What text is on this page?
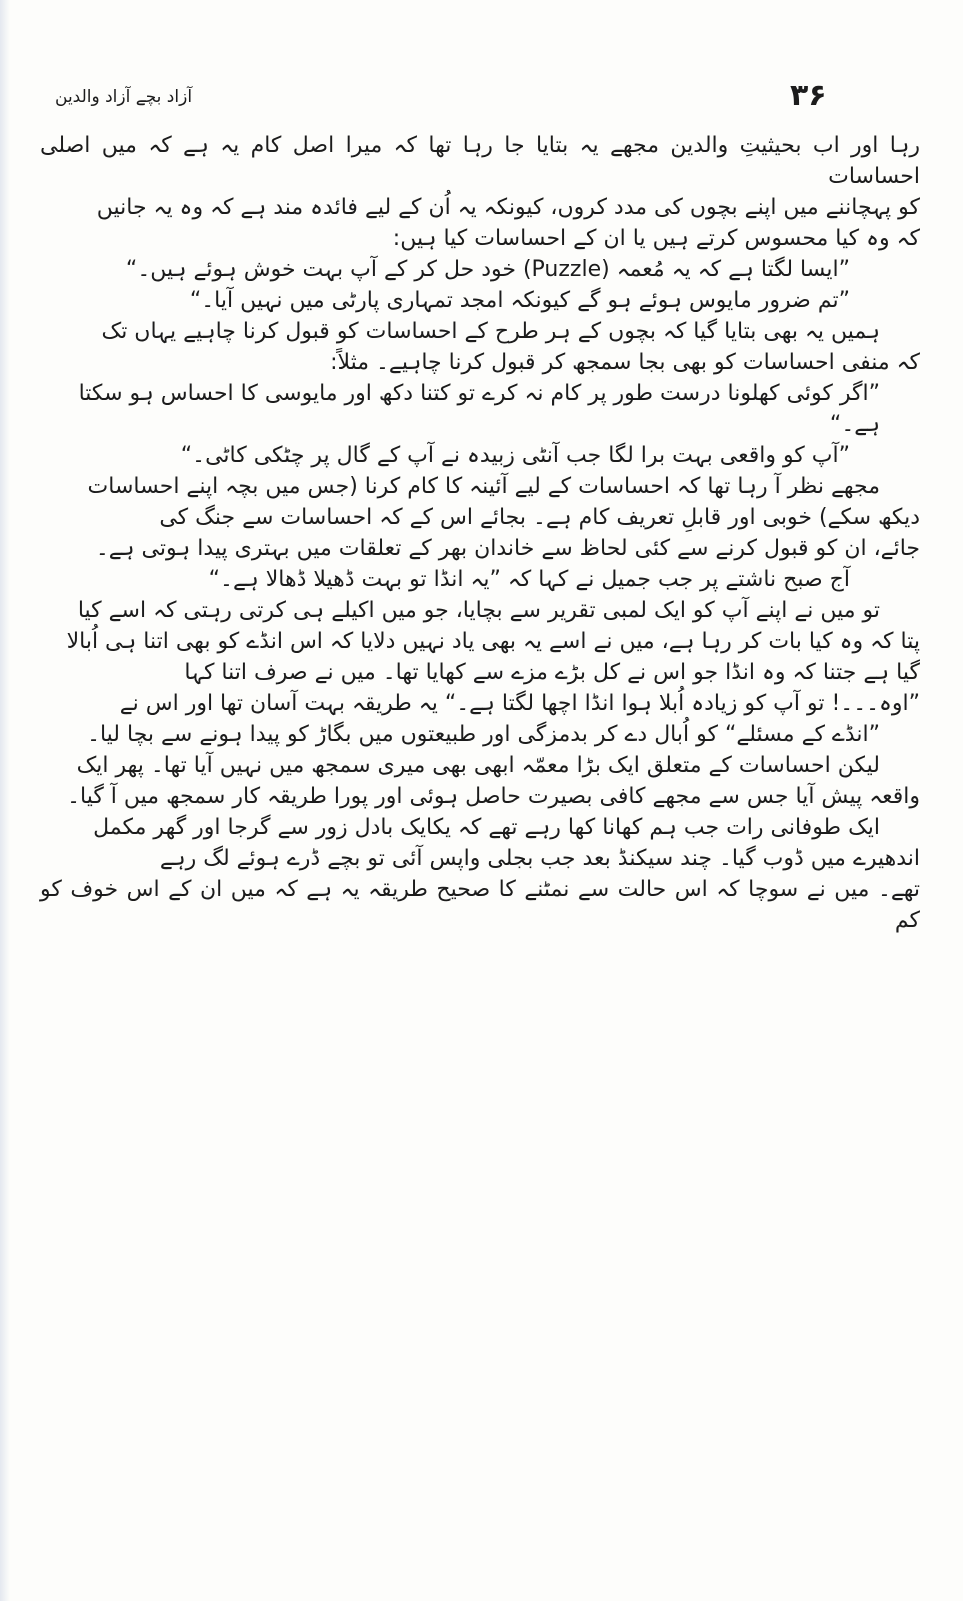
آزاد بچے آزاد والدین	۳۶
رہا اور اب بحیثیتِ والدین مجھے یہ بتایا جا رہا تھا کہ میرا اصل کام یہ ہے کہ میں اصلی احساسات
کو پہچاننے میں اپنے بچوں کی مدد کروں، کیونکہ یہ اُن کے لیے فائدہ مند ہے کہ وہ یہ جانیں
کہ وہ کیا محسوس کرتے ہیں یا ان کے احساسات کیا ہیں:
”ایسا لگتا ہے کہ یہ مُعمہ (Puzzle) خود حل کر کے آپ بہت خوش ہوئے ہیں۔“
”تم ضرور مایوس ہوئے ہو گے کیونکہ امجد تمہاری پارٹی میں نہیں آیا۔“
ہمیں یہ بھی بتایا گیا کہ بچوں کے ہر طرح کے احساسات کو قبول کرنا چاہیے یہاں تک
کہ منفی احساسات کو بھی بجا سمجھ کر قبول کرنا چاہیے۔ مثلاً:
”اگر کوئی کھلونا درست طور پر کام نہ کرے تو کتنا دکھ اور مایوسی کا احساس ہو سکتا ہے۔“
”آپ کو واقعی بہت برا لگا جب آنٹی زبیدہ نے آپ کے گال پر چٹکی کاٹی۔“
مجھے نظر آ رہا تھا کہ احساسات کے لیے آئینہ کا کام کرنا (جس میں بچہ اپنے احساسات
دیکھ سکے) خوبی اور قابلِ تعریف کام ہے۔ بجائے اس کے کہ احساسات سے جنگ کی
جائے، ان کو قبول کرنے سے کئی لحاظ سے خاندان بھر کے تعلقات میں بہتری پیدا ہوتی ہے۔
آج صبح ناشتے پر جب جمیل نے کہا کہ ”یہ انڈا تو بہت ڈھیلا ڈھالا ہے۔“
تو میں نے اپنے آپ کو ایک لمبی تقریر سے بچایا، جو میں اکیلے ہی کرتی رہتی کہ اسے کیا
پتا کہ وہ کیا بات کر رہا ہے، میں نے اسے یہ بھی یاد نہیں دلایا کہ اس انڈے کو بھی اتنا ہی اُبالا
گیا ہے جتنا کہ وہ انڈا جو اس نے کل بڑے مزے سے کھایا تھا۔ میں نے صرف اتنا کہا
”اوہ۔۔۔! تو آپ کو زیادہ اُبلا ہوا انڈا اچھا لگتا ہے۔“ یہ طریقہ بہت آسان تھا اور اس نے
”انڈے کے مسئلے“ کو اُبال دے کر بدمزگی اور طبیعتوں میں بگاڑ کو پیدا ہونے سے بچا لیا۔
لیکن احساسات کے متعلق ایک بڑا معمّہ ابھی بھی میری سمجھ میں نہیں آیا تھا۔ پھر ایک
واقعہ پیش آیا جس سے مجھے کافی بصیرت حاصل ہوئی اور پورا طریقہ کار سمجھ میں آ گیا۔
ایک طوفانی رات جب ہم کھانا کھا رہے تھے کہ یکایک بادل زور سے گرجا اور گھر مکمل
اندھیرے میں ڈوب گیا۔ چند سیکنڈ بعد جب بجلی واپس آئی تو بچے ڈرے ہوئے لگ رہے
تھے۔ میں نے سوچا کہ اس حالت سے نمٹنے کا صحیح طریقہ یہ ہے کہ میں ان کے اس خوف کو کم
